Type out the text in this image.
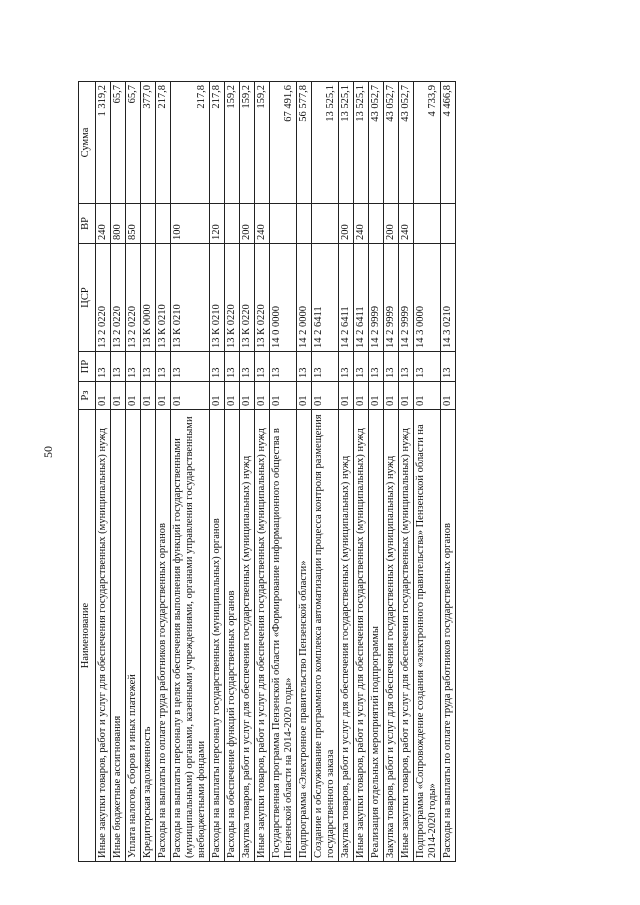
50
Наименование	Рз	ПР	ЦСР	ВР	Сумма
Иные закупки товаров, работ и услуг для обеспечения государственных (муниципальных) нужд	01	13	13 2 0220	240	1 319,2
Иные бюджетные ассигнования	01	13	13 2 0220	800	65,7
Уплата налогов, сборов и иных платежей	01	13	13 2 0220	850	65,7
Кредиторская задолженность	01	13	13 К 0000		377,0
Расходы на выплаты по оплате труда работников государственных органов	01	13	13 К 0210		217,8
Расходы на выплаты персоналу в целях обеспечения выполнения функций государственными (муниципальными) органами, казенными учреждениями, органами управления государственными внебюджетными фондами	01	13	13 К 0210	100	217,8
Расходы на выплаты персоналу государственных (муниципальных) органов	01	13	13 К 0210	120	217,8
Расходы на обеспечение функций государственных органов	01	13	13 К 0220		159,2
Закупка товаров, работ и услуг для обеспечения государственных (муниципальных) нужд	01	13	13 К 0220	200	159,2
Иные закупки товаров, работ и услуг для обеспечения государственных (муниципальных) нужд	01	13	13 К 0220	240	159,2
Государственная программа Пензенской области «Формирование информационного общества в Пензенской области на 2014-2020 годы»	01	13	14 0 0000		67 491,6
Подпрограмма «Электронное правительство Пензенской области»	01	13	14 2 0000		56 577,8
Создание и обслуживание программного комплекса автоматизации процесса контроля размещения государственного заказа	01	13	14 2 6411		13 525,1
Закупка товаров, работ и услуг для обеспечения государственных (муниципальных) нужд	01	13	14 2 6411	200	13 525,1
Иные закупки товаров, работ и услуг для обеспечения государственных (муниципальных) нужд	01	13	14 2 6411	240	13 525,1
Реализация отдельных мероприятий подпрограммы	01	13	14 2 9999		43 052,7
Закупка товаров, работ и услуг для обеспечения государственных (муниципальных) нужд	01	13	14 2 9999	200	43 052,7
Иные закупки товаров, работ и услуг для обеспечения государственных (муниципальных) нужд	01	13	14 2 9999	240	43 052,7
Подпрограмма «Сопровождение создания «электронного правительства» Пензенской области на 2014-2020 годы»	01	13	14 3 0000		4 733,9
Расходы на выплаты по оплате труда работников государственных органов	01	13	14 3 0210		4 466,8
